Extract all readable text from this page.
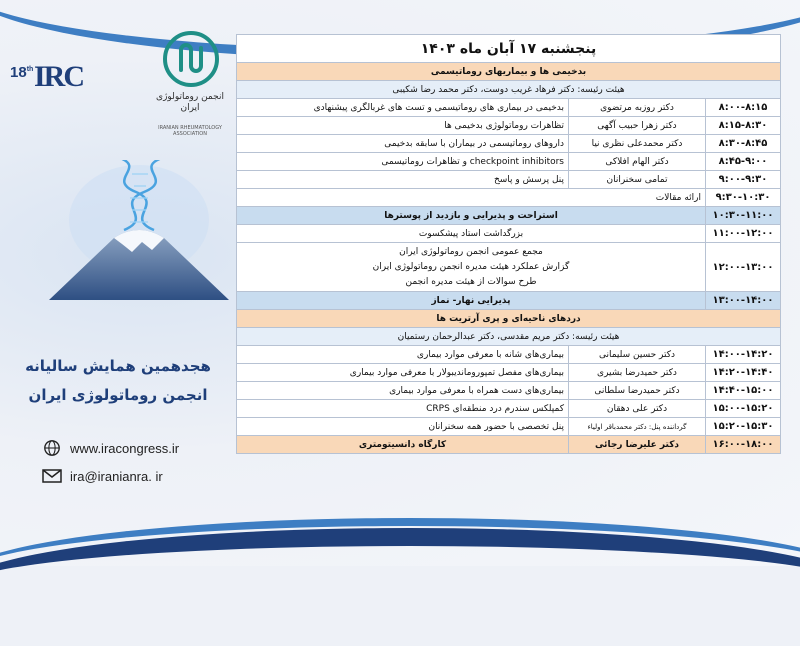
18th IRC
انجمن روماتولوژی ایران
IRANIAN RHEUMATOLOGY ASSOCIATION
هجدهمین همایش سالیانه
انجمن روماتولوژی ایران
www.iracongress.ir
ira@iranianra. ir
پنجشنبه ۱۷ آبان ماه ۱۴۰۳		
بدخیمی ها و بیماریهای روماتیسمی		
هیئت رئیسه: دکتر فرهاد غریب دوست، دکتر محمد رضا شکیبی		
۸:۰۰-۸:۱۵	دکتر روزبه مرتضوی	بدخیمی در بیماری های روماتیسمی و تست های غربالگری پیشنهادی
۸:۱۵-۸:۳۰	دکتر زهرا حبیب آگهی	تظاهرات روماتولوژی بدخیمی ها
۸:۳۰-۸:۴۵	دکتر محمدعلی نظری نیا	داروهای روماتیسمی در بیماران با سابقه بدخیمی
۸:۴۵-۹:۰۰	دکتر الهام افلاکی	checkpoint inhibitors و تظاهرات روماتیسمی
۹:۰۰-۹:۳۰	تمامی سخنرانان	پنل پرسش و پاسخ
۹:۳۰-۱۰:۳۰	ارائه مقالات	
۱۰:۳۰-۱۱:۰۰	استراحت و پذیرایی و بازدید از پوسترها	
۱۱:۰۰-۱۲:۰۰	بزرگداشت استاد پیشکسوت	
۱۲:۰۰-۱۳:۰۰	مجمع عمومی انجمن روماتولوژی ایران
گزارش عملکرد هیئت مدیره انجمن روماتولوژی ایران
طرح سوالات از هیئت مدیره انجمن	

۱۳:۰۰-۱۴:۰۰	پذیرایی نهار- نماز	
دردهای ناحیه‌ای و پری آرتریت ها		
هیئت رئیسه: دکتر مریم مقدسی، دکتر عبدالرحمان رستمیان		
۱۴:۰۰-۱۴:۲۰	دکتر حسین سلیمانی	بیماری‌های شانه با معرفی موارد بیماری
۱۴:۲۰-۱۴:۴۰	دکتر حمیدرضا بشیری	بیماری‌های مفصل تمپوروماندیبولار با معرفی موارد بیماری
۱۴:۴۰-۱۵:۰۰	دکتر حمیدرضا سلطانی	بیماری‌های دست همراه با معرفی موارد بیماری
۱۵:۰۰-۱۵:۲۰	دکتر علی دهقان	کمپلکس سندرم درد منطقه‌ای CRPS
۱۵:۲۰-۱۵:۳۰	گرداننده پنل: دکتر محمدباقر اولیاء	پنل تخصصی با حضور همه سخنرانان
۱۶:۰۰-۱۸:۰۰	دکتر علیرضا رجائی	کارگاه دانسیتومتری
